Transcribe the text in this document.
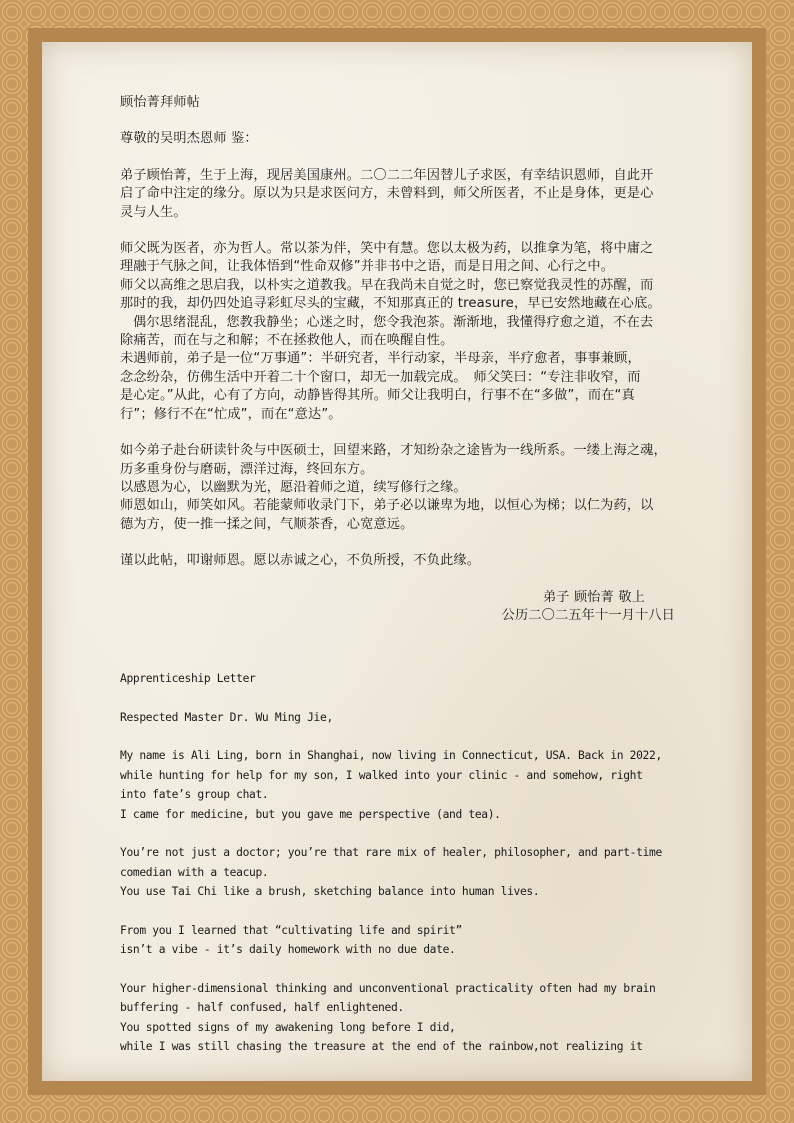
顾怡菁拜师帖

尊敬的吴明杰恩师 鉴：

弟子顾怡菁，生于上海，现居美国康州。二〇二二年因替儿子求医，有幸结识恩师，自此开

启了命中注定的缘分。原以为只是求医问方，未曾料到，师父所医者，不止是身体，更是心

灵与人生。

师父既为医者，亦为哲人。常以茶为伴，笑中有慧。您以太极为药，以推拿为笔，将中庸之

理融于气脉之间，让我体悟到“性命双修”并非书中之语，而是日用之间、心行之中。

师父以高维之思启我，以朴实之道教我。早在我尚未自觉之时，您已察觉我灵性的苏醒，而

那时的我，却仍四处追寻彩虹尽头的宝藏，不知那真正的 treasure，早已安然地藏在心底。

偶尔思绪混乱，您教我静坐；心迷之时，您令我泡茶。渐渐地，我懂得疗愈之道，不在去

除痛苦，而在与之和解；不在拯救他人，而在唤醒自性。

未遇师前，弟子是一位“万事通”：半研究者，半行动家，半母亲，半疗愈者，事事兼顾，

念念纷杂，仿佛生活中开着二十个窗口，却无一加载完成。　师父笑曰：“专注非收窄，而

是心定。”从此，心有了方向，动静皆得其所。师父让我明白，行事不在“多做”，而在“真

行”；修行不在“忙成”，而在“意达”。

如今弟子赴台研读针灸与中医硕士，回望来路，才知纷杂之途皆为一线所系。一缕上海之魂，

历多重身份与磨砺，漂洋过海，终回东方。

以感恩为心，以幽默为光，愿沿着师之道，续写修行之缘。

师恩如山，师笑如风。若能蒙师收录门下，弟子必以谦卑为地，以恒心为梯；以仁为药，以

德为方，使一推一揉之间，气顺茶香，心宽意远。

谨以此帖，叩谢师恩。愿以赤诚之心，不负所授，不负此缘。

弟子 顾怡菁 敬上

公历二〇二五年十一月十八日

Apprenticeship Letter

Respected Master Dr. Wu Ming Jie,

My name is Ali Ling, born in Shanghai, now living in Connecticut, USA. Back in 2022,

while hunting for help for my son, I walked into your clinic - and somehow, right

into fate’s group chat.

I came for medicine, but you gave me perspective (and tea).

You’re not just a doctor; you’re that rare mix of healer, philosopher, and part-time

comedian with a teacup.

You use Tai Chi like a brush, sketching balance into human lives.

From you I learned that “cultivating life and spirit”

isn’t a vibe - it’s daily homework with no due date.

Your higher-dimensional thinking and unconventional practicality often had my brain

buffering - half confused, half enlightened.

You spotted signs of my awakening long before I did,

while I was still chasing the treasure at the end of the rainbow,not realizing it
